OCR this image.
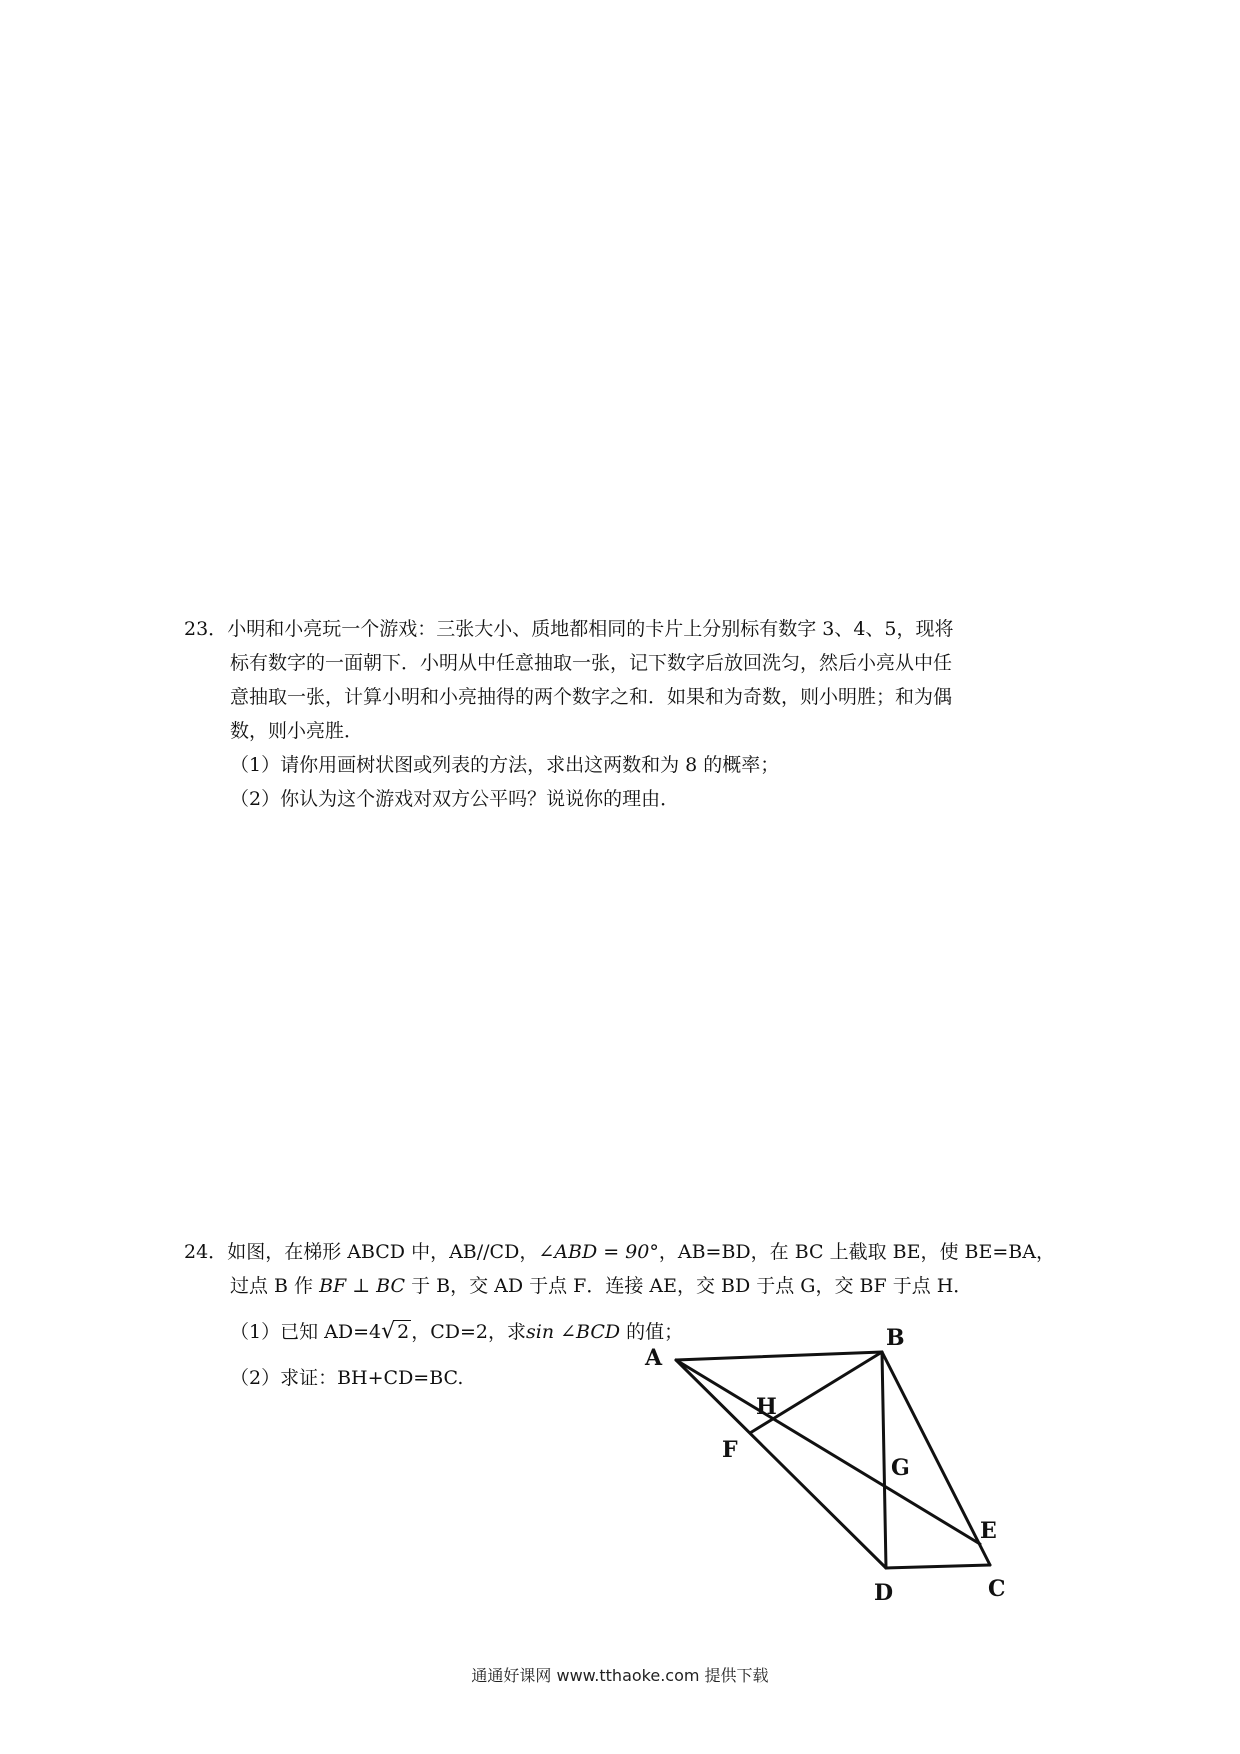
23．小明和小亮玩一个游戏：三张大小、质地都相同的卡片上分别标有数字 3、4、5，现将
标有数字的一面朝下．小明从中任意抽取一张，记下数字后放回洗匀，然后小亮从中任
意抽取一张，计算小明和小亮抽得的两个数字之和．如果和为奇数，则小明胜；和为偶
数，则小亮胜．
（1）请你用画树状图或列表的方法，求出这两数和为 8 的概率；
（2）你认为这个游戏对双方公平吗？说说你的理由．
24．如图，在梯形 ABCD 中，AB//CD，∠ABD = 90°，AB=BD，在 BC 上截取 BE，使 BE=BA，
过点 B 作 BF ⊥ BC 于 B，交 AD 于点 F．连接 AE，交 BD 于点 G，交 BF 于点 H．
（1）已知 AD=4√ 2 ，CD=2，求sin ∠BCD 的值；
（2）求证：BH+CD=BC.
A
B
H
F
G
E
D	C
通通好课网 www.tthaoke.com 提供下载
